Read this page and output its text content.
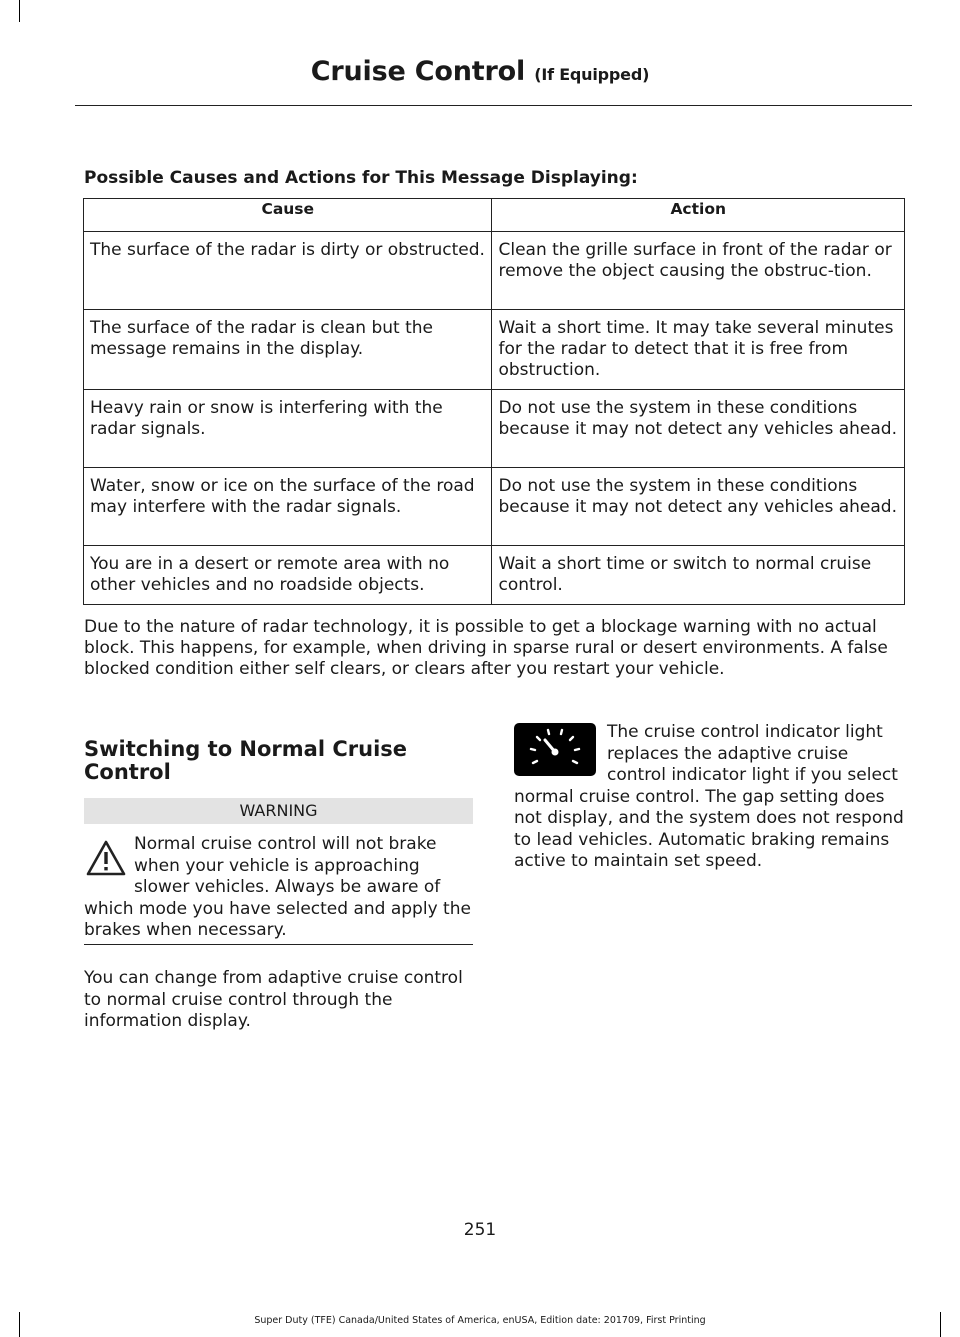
Cruise Control (If Equipped)
Possible Causes and Actions for This Message Displaying:
Cause	Action
The surface of the radar is dirty or obstructed.	Clean the grille surface in front of the radar or remove the object causing the obstruc-tion.
The surface of the radar is clean but the message remains in the display.	Wait a short time. It may take several minutes for the radar to detect that it is free from obstruction.
Heavy rain or snow is interfering with the radar signals.	Do not use the system in these conditions because it may not detect any vehicles ahead.
Water, snow or ice on the surface of the road may interfere with the radar signals.	Do not use the system in these conditions because it may not detect any vehicles ahead.
You are in a desert or remote area with no other vehicles and no roadside objects.	Wait a short time or switch to normal cruise control.
Due to the nature of radar technology, it is possible to get a blockage warning with no actual block. This happens, for example, when driving in sparse rural or desert environments. A false blocked condition either self clears, or clears after you restart your vehicle.
Switching to Normal Cruise Control
WARNING
Normal cruise control will not brake when your vehicle is approaching slower vehicles. Always be aware of
which mode you have selected and apply the brakes when necessary.
You can change from adaptive cruise control to normal cruise control through the information display.
The cruise control indicator light replaces the adaptive cruise control indicator light if you select normal cruise control. The gap setting does not display, and the system does not respond to lead vehicles. Automatic braking remains active to maintain set speed.
251
Super Duty (TFE) Canada/United States of America, enUSA, Edition date: 201709, First Printing
